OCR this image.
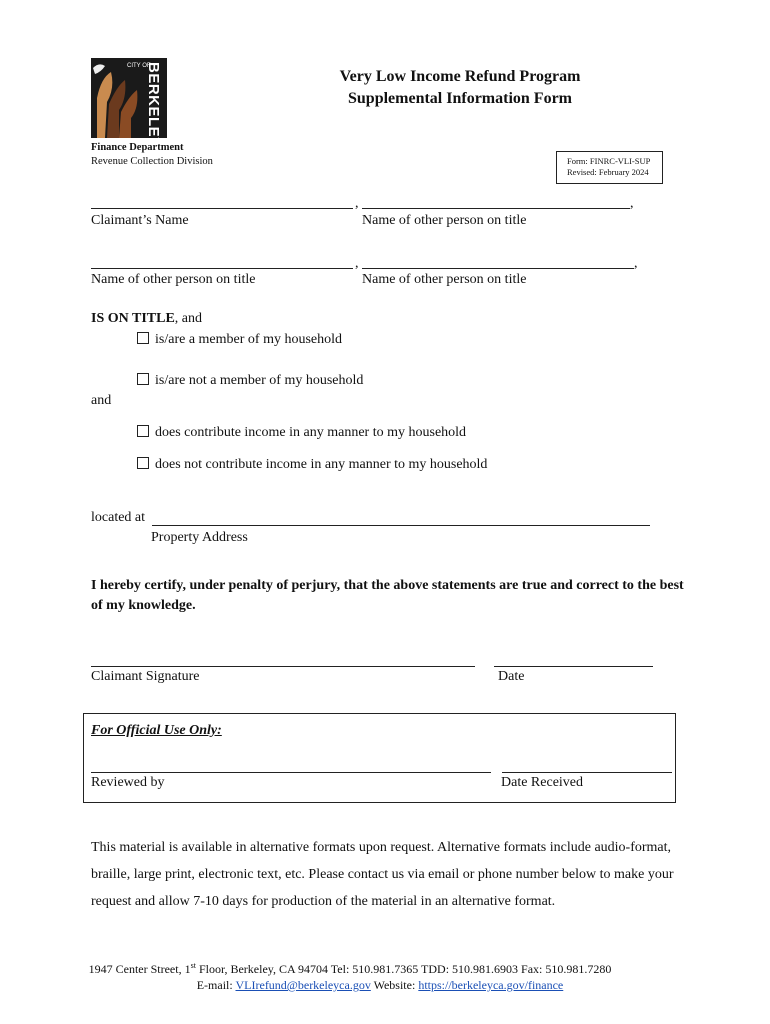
BERKELEY
CITY OF
Very Low Income Refund Program
Supplemental Information Form
Finance Department
Revenue Collection Division	Form: FINRC-VLI-SUP
Revised: February 2024
,	,
Claimant’s Name	Name of other person on title
,	,
Name of other person on title	Name of other person on title
IS ON TITLE, and
is/are a member of my household
is/are not a member of my household
and
does contribute income in any manner to my household
does not contribute income in any manner to my household
located at
Property Address
I hereby certify, under penalty of perjury, that the above statements are true and correct to the best of my knowledge.
Claimant Signature	Date
For Official Use Only:
Reviewed by	Date Received
This material is available in alternative formats upon request. Alternative formats include audio-format, braille, large print, electronic text, etc. Please contact us via email or phone number below to make your request and allow 7-10 days for production of the material in an alternative format.
1947 Center Street, 1st Floor, Berkeley, CA 94704 Tel: 510.981.7365 TDD: 510.981.6903 Fax: 510.981.7280
E-mail: VLIrefund@berkeleyca.gov Website: https://berkeleyca.gov/finance
